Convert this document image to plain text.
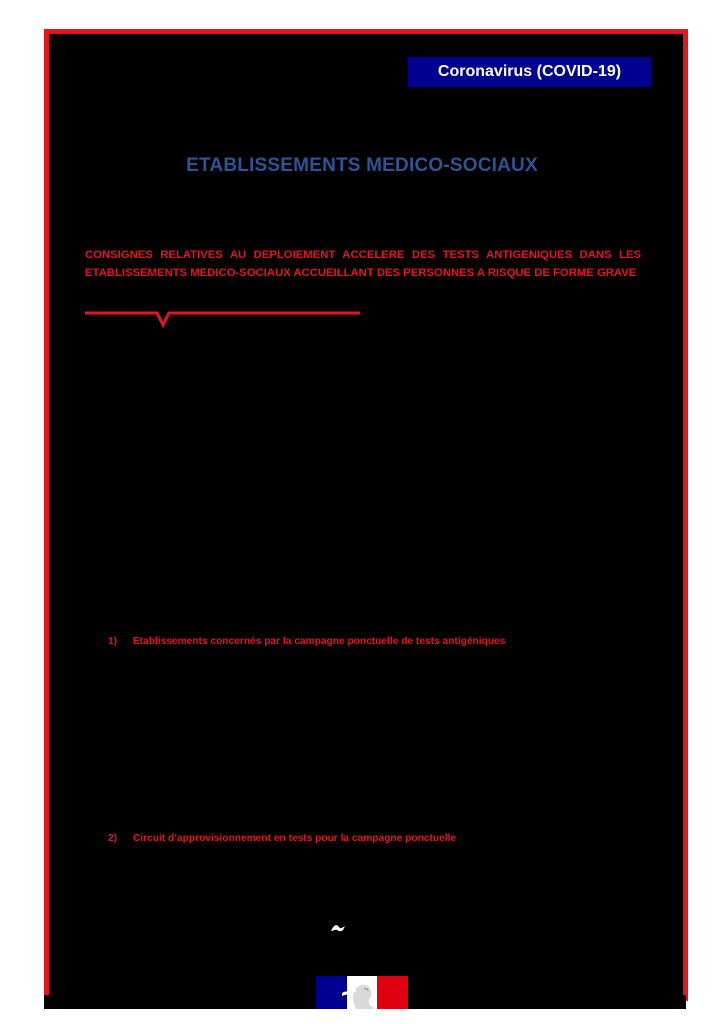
Coronavirus (COVID-19)
ETABLISSEMENTS MEDICO-SOCIAUX
CONSIGNES RELATIVES AU DEPLOIEMENT ACCELERE DES TESTS ANTIGENIQUES DANS LES ETABLISSEMENTS MEDICO-SOCIAUX ACCUEILLANT DES PERSONNES A RISQUE DE FORME GRAVE
1) Etablissements concernés par la campagne ponctuelle de tests antigéniques
2) Circuit d’approvisionnement en tests pour la campagne ponctuelle
